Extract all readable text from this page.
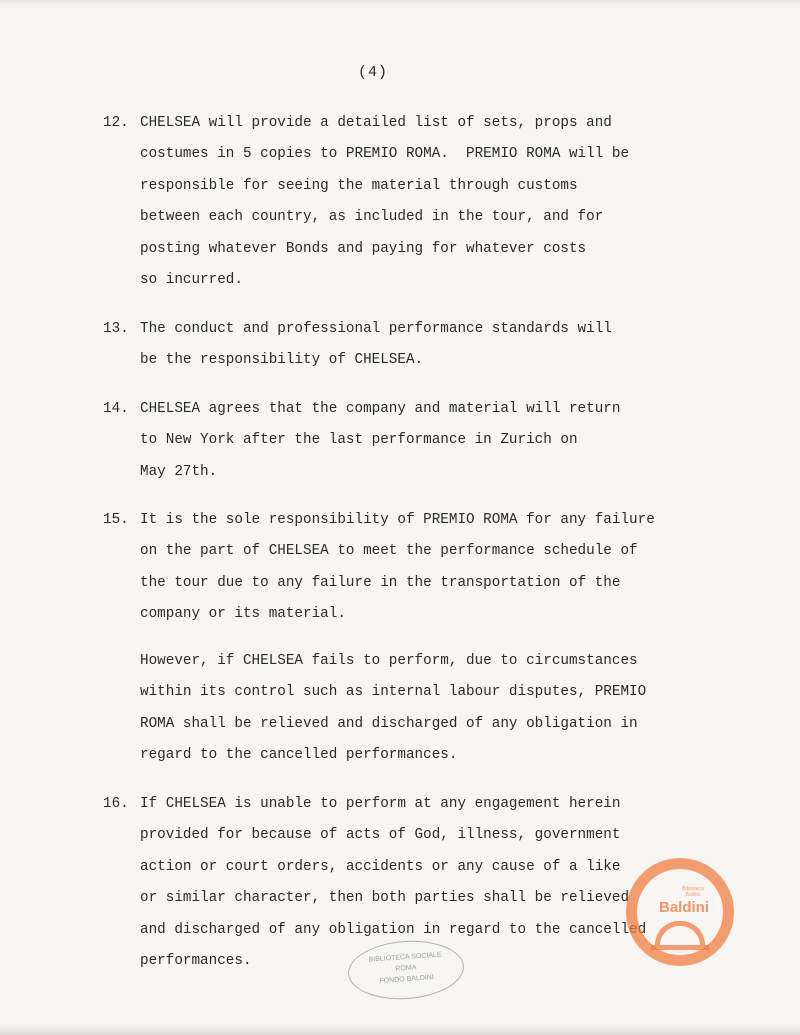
(4)
12. CHELSEA will provide a detailed list of sets, props and
costumes in 5 copies to PREMIO ROMA.  PREMIO ROMA will be
responsible for seeing the material through customs
between each country, as included in the tour, and for
posting whatever Bonds and paying for whatever costs
so incurred.
13. The conduct and professional performance standards will
be the responsibility of CHELSEA.
14. CHELSEA agrees that the company and material will return
to New York after the last performance in Zurich on
May 27th.
15. It is the sole responsibility of PREMIO ROMA for any failure
on the part of CHELSEA to meet the performance schedule of
the tour due to any failure in the transportation of the
company or its material.
However, if CHELSEA fails to perform, due to circumstances
within its control such as internal labour disputes, PREMIO
ROMA shall be relieved and discharged of any obligation in
regard to the cancelled performances.
16. If CHELSEA is unable to perform at any engagement herein
provided for because of acts of God, illness, government
action or court orders, accidents or any cause of a like
or similar character, then both parties shall be relieved
and discharged of any obligation in regard to the cancelled
performances.	BIBLIOTECA SOCIALE
ROMA
FONDO BALDINI
Biblioteca Baldini
Baldini
